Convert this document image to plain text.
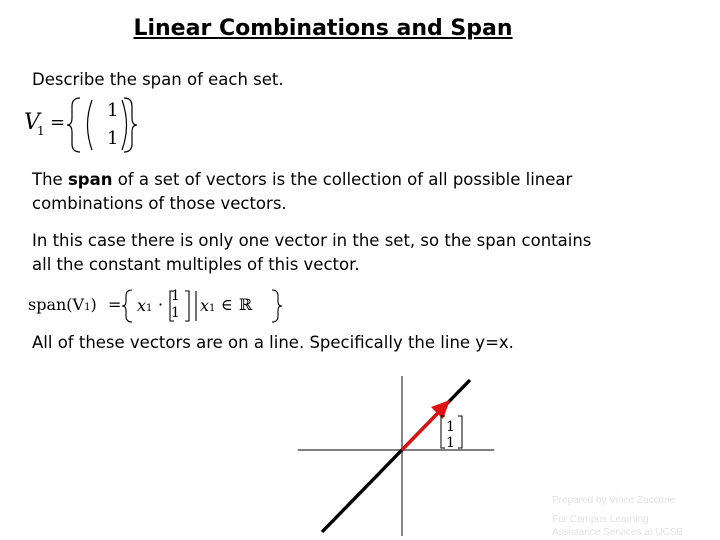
Linear Combinations and Span
Describe the span of each set.
V
1 =
1
1
The span of a set of vectors is the collection of all possible linear
combinations of those vectors.
In this case there is only one vector in the set, so the span contains
all the constant multiples of this vector.
span(V1) = x1 · 1
1 x1 ∈ ℝ
All of these vectors are on a line. Specifically the line y=x.
1
1
Prepared by Vince Zaccone
For Campus Learning
Assistance Services at UCSB
